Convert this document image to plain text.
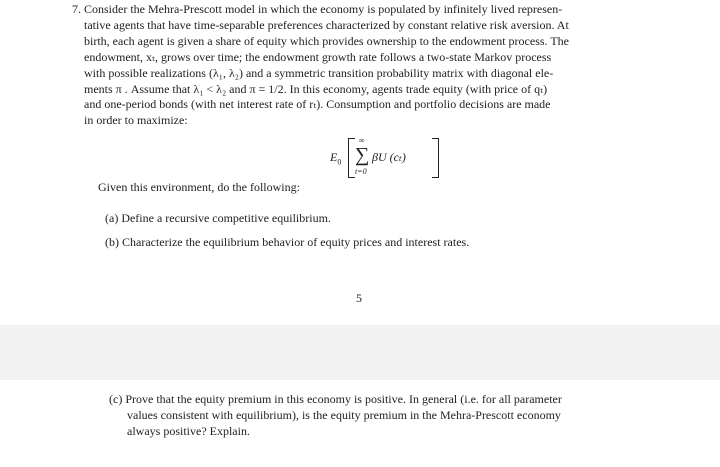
7. Consider the Mehra-Prescott model in which the economy is populated by infinitely lived represen-
tative agents that have time-separable preferences characterized by constant relative risk aversion. At
birth, each agent is given a share of equity which provides ownership to the endowment process. The
endowment, xₜ, grows over time; the endowment growth rate follows a two-state Markov process
with possible realizations (λ₁, λ₂) and a symmetric transition probability matrix with diagonal ele-
ments π . Assume that λ₁ < λ₂ and π = 1/2. In this economy, agents trade equity (with price of qₜ)
and one-period bonds (with net interest rate of rₜ). Consumption and portfolio decisions are made
in order to maximize:
$E_0$
∞
∑
t=0
βU (cₜ)
Given this environment, do the following:
(a) Define a recursive competitive equilibrium.
(b) Characterize the equilibrium behavior of equity prices and interest rates.
5
(c) Prove that the equity premium in this economy is positive. In general (i.e. for all parameter
values consistent with equilibrium), is the equity premium in the Mehra-Prescott economy
always positive? Explain.
